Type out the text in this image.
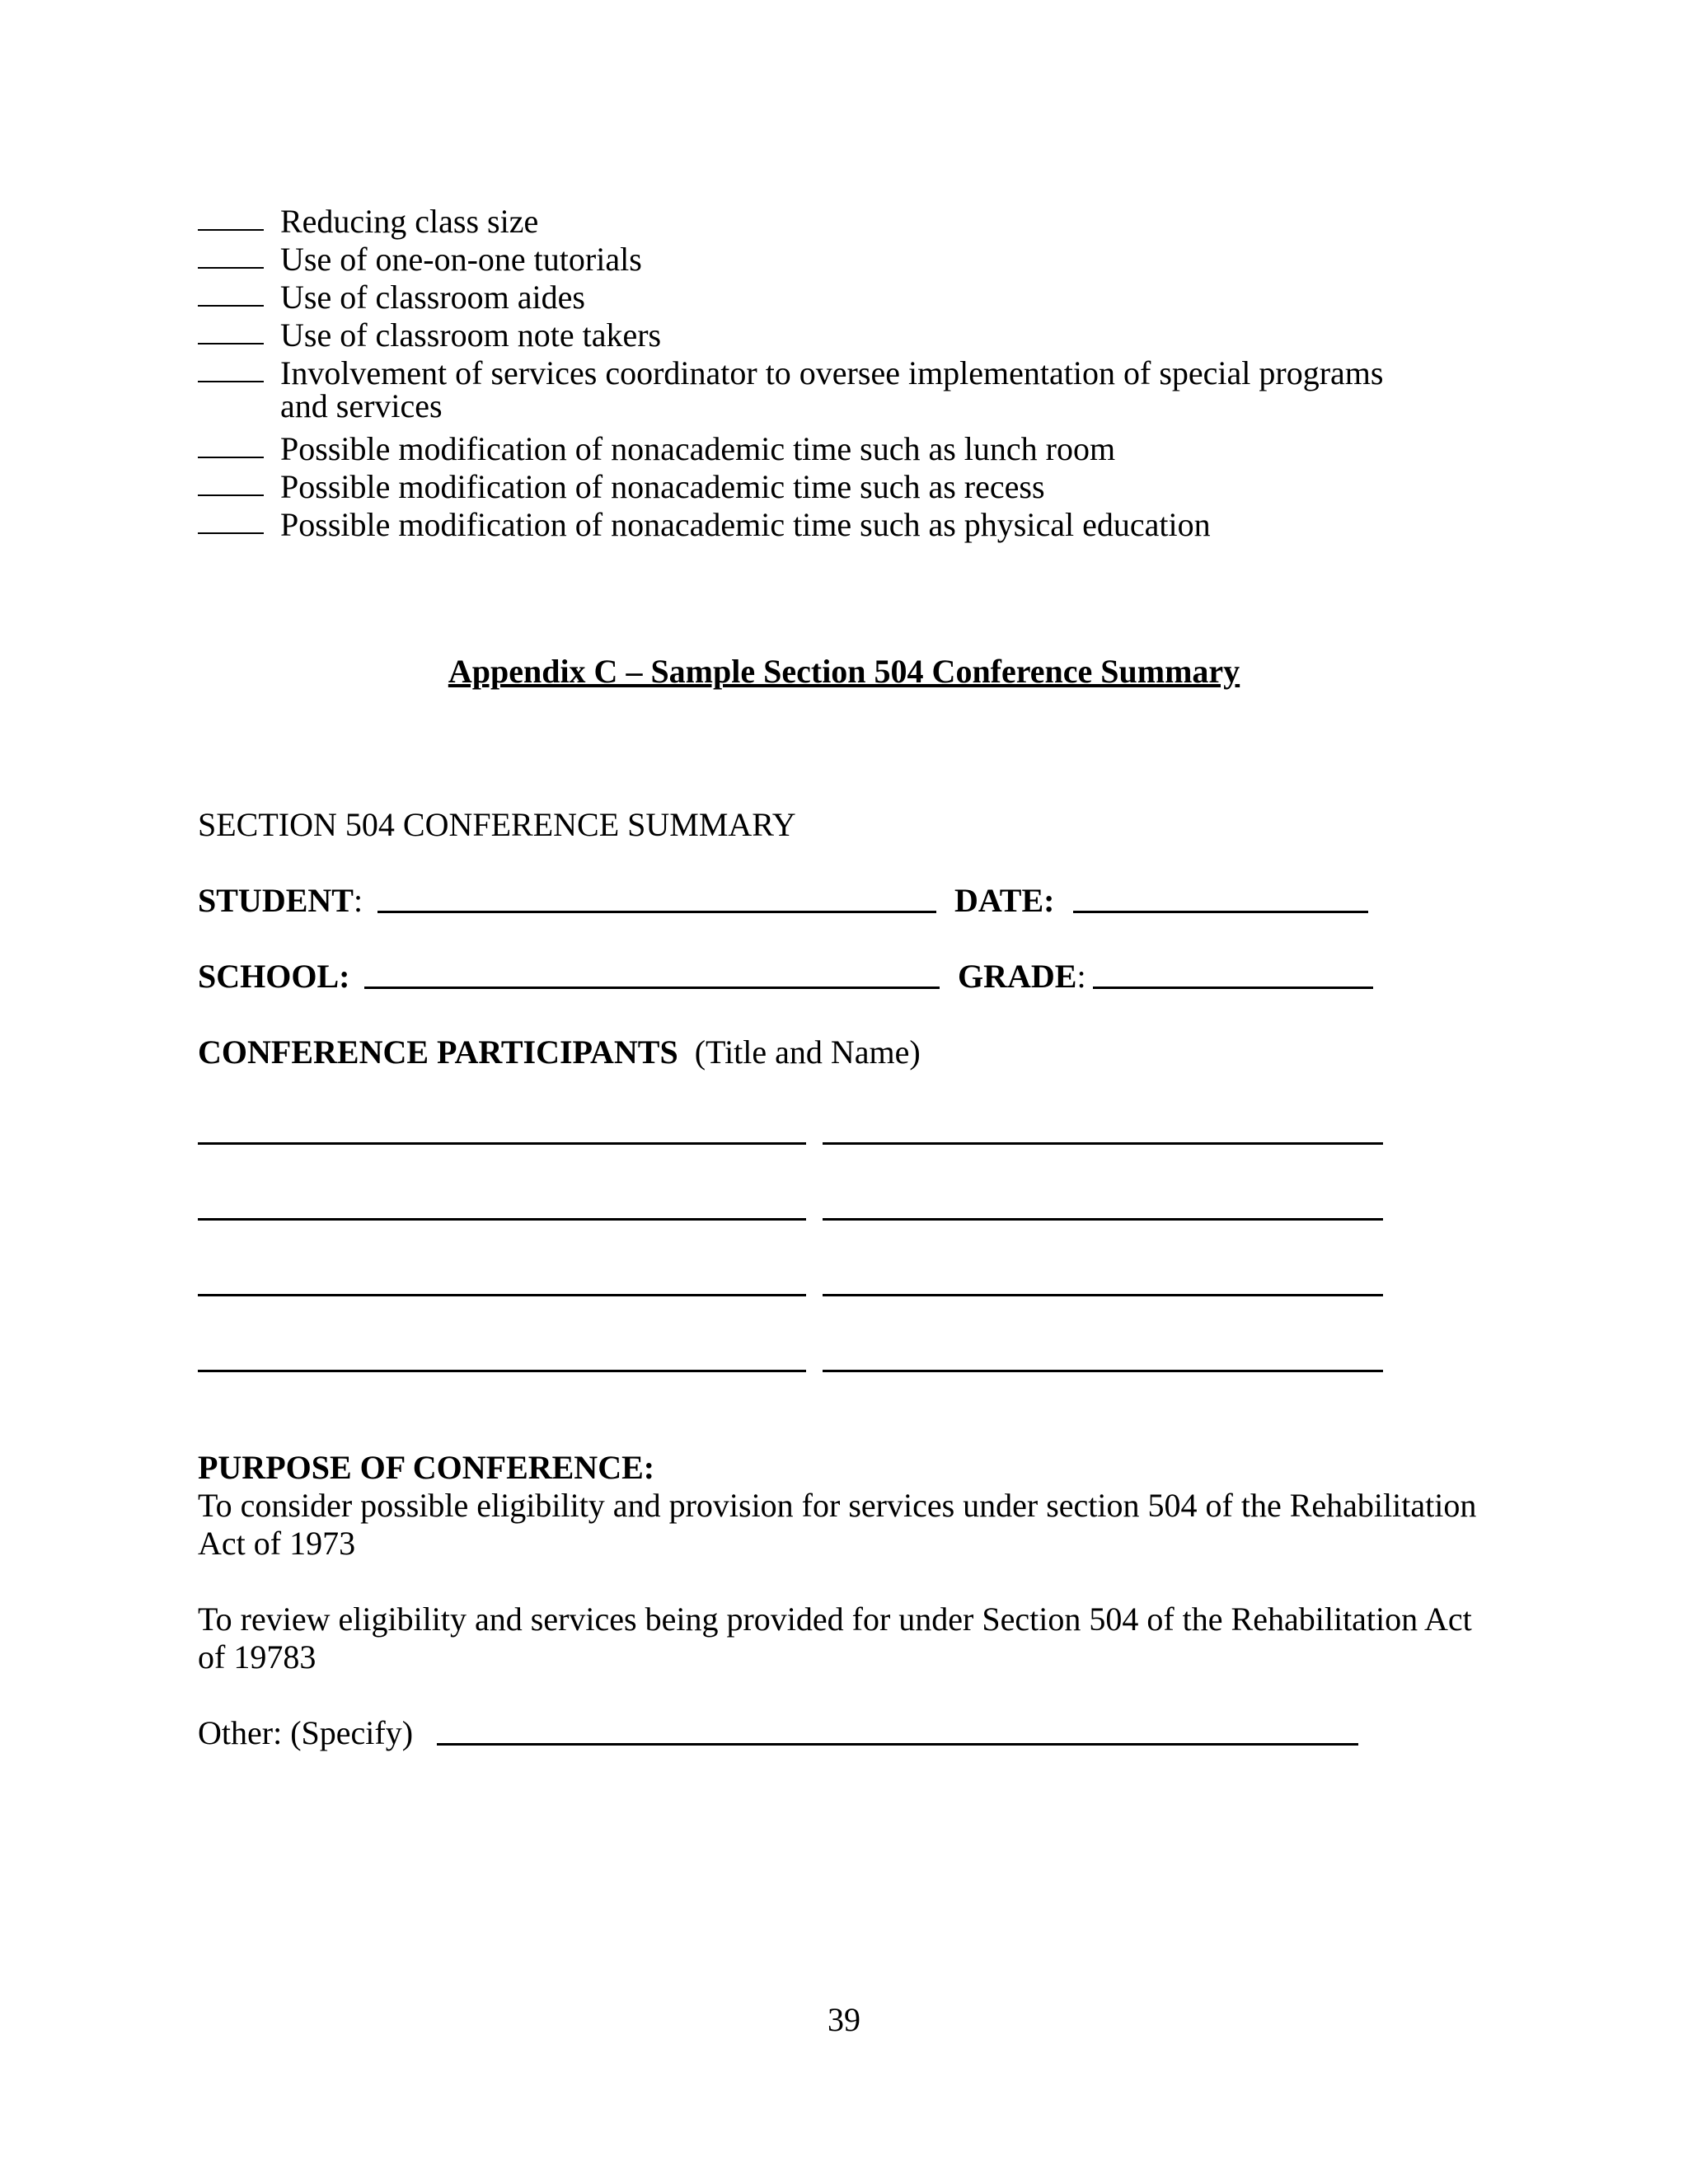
Reducing class size
Use of one-on-one tutorials
Use of classroom aides
Use of classroom note takers
Involvement of services coordinator to oversee implementation of special programs
and services
Possible modification of nonacademic time such as lunch room
Possible modification of nonacademic time such as recess
Possible modification of nonacademic time such as physical education
Appendix C – Sample Section 504 Conference Summary
SECTION 504 CONFERENCE SUMMARY
STUDENT:	DATE:
SCHOOL:	GRADE:
CONFERENCE PARTICIPANTS (Title and Name)
PURPOSE OF CONFERENCE:
To consider possible eligibility and provision for services under section 504 of the Rehabilitation
Act of 1973
To review eligibility and services being provided for under Section 504 of the Rehabilitation Act
of 19783
Other: (Specify)
39
